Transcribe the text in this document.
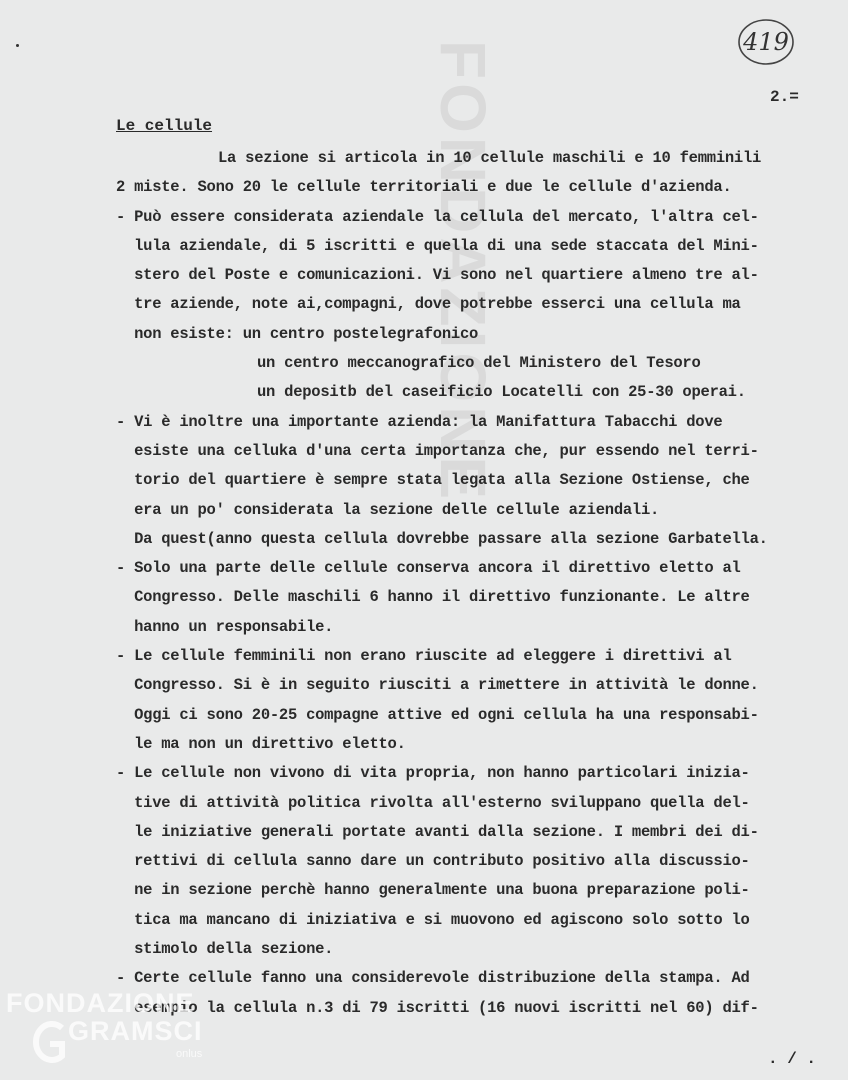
FONDAZIONE	419
2.=
Le cellule
La sezione si articola in 10 cellule maschili e 10 femminili
2 miste. Sono 20 le cellule territoriali e due le cellule d'azienda.
- Può essere considerata aziendale la cellula del mercato, l'altra cel-
lula aziendale, di 5 iscritti e quella di una sede staccata del Mini-
stero del Poste e comunicazioni. Vi sono nel quartiere almeno tre al-
tre aziende, note ai,compagni, dove potrebbe esserci una cellula ma
non esiste: un centro postelegrafonico
un centro meccanografico del Ministero del Tesoro
un depositb del caseificio Locatelli con 25-30 operai.
- Vi è inoltre una importante azienda: la Manifattura Tabacchi dove
esiste una celluka d'una certa importanza che, pur essendo nel terri-
torio del quartiere è sempre stata legata alla Sezione Ostiense, che
era un po' considerata la sezione delle cellule aziendali.
Da quest(anno questa cellula dovrebbe passare alla sezione Garbatella.
- Solo una parte delle cellule conserva ancora il direttivo eletto al
Congresso. Delle maschili 6 hanno il direttivo funzionante. Le altre
hanno un responsabile.
- Le cellule femminili non erano riuscite ad eleggere i direttivi al
Congresso. Si è in seguito riusciti a rimettere in attività le donne.
Oggi ci sono 20-25 compagne attive ed ogni cellula ha una responsabi-
le ma non un direttivo eletto.
- Le cellule non vivono di vita propria, non hanno particolari inizia-
tive di attività politica rivolta all'esterno sviluppano quella del-
le iniziative generali portate avanti dalla sezione. I membri dei di-
rettivi di cellula sanno dare un contributo positivo alla discussio-
ne in sezione perchè hanno generalmente una buona preparazione poli-
tica ma mancano di iniziativa e si muovono ed agiscono solo sotto lo
stimolo della sezione.
- Certe cellule fanno una considerevole distribuzione della stampa. Ad
esempio la cellula n.3 di 79 iscritti (16 nuovi iscritti nel 60) dif-
. / .
FONDAZIONE
GRAMSCI
onlus
